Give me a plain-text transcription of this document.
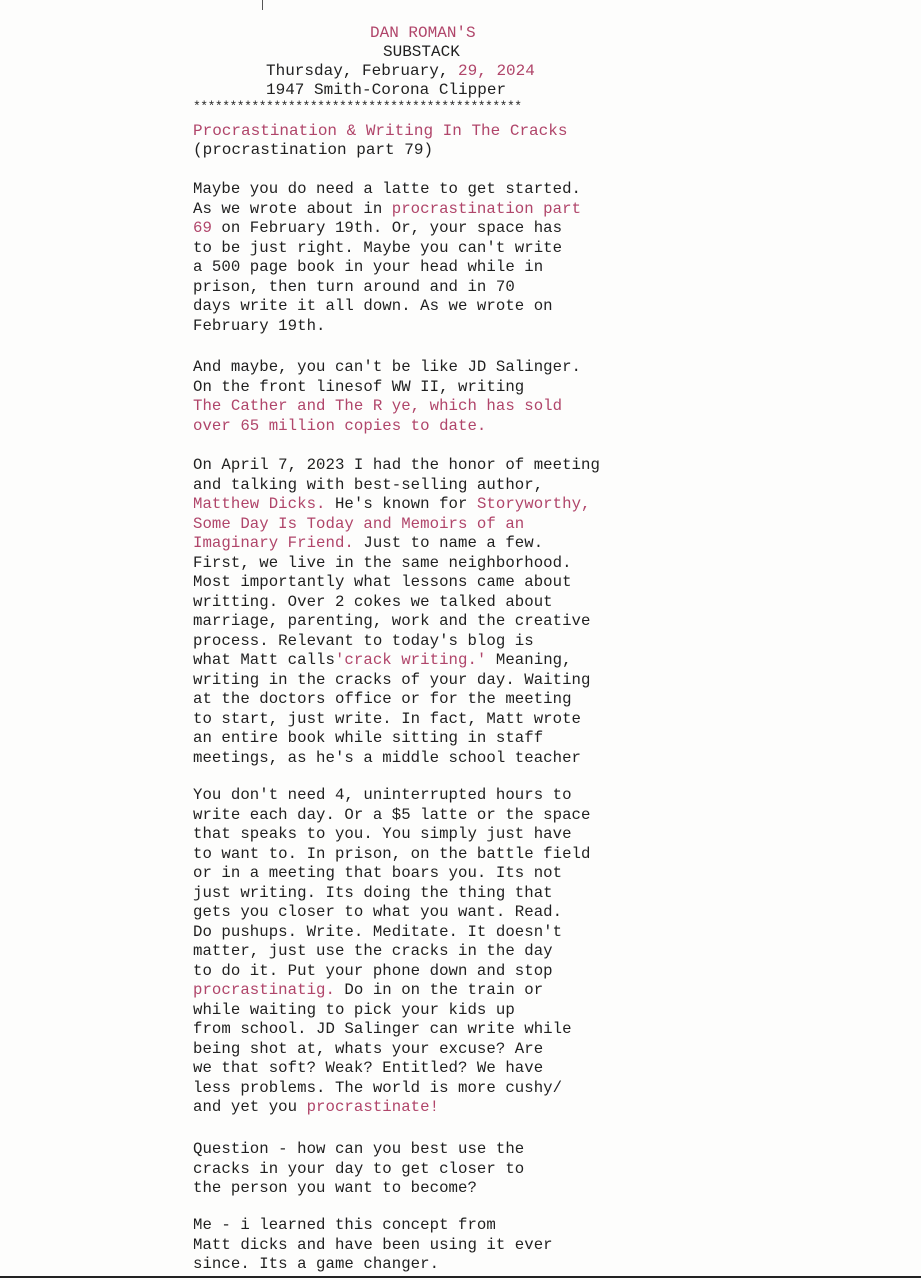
DAN ROMAN'S
SUBSTACK
Thursday, February, 29, 2024
1947 Smith-Corona Clipper
*********************************************
Procrastination & Writing In The Cracks
(procrastination part 79)
Maybe you do need a latte to get started.
As we wrote about in procrastination part
69 on February 19th. Or, your space has
to be just right. Maybe you can't write
a 500 page book in your head while in
prison, then turn around and in 70
days write it all down. As we wrote on
February 19th.
And maybe, you can't be like JD Salinger.
On the front linesof WW II, writing
The Cather and The R ye, which has sold
over 65 million copies to date.
On April 7, 2023 I had the honor of meeting
and talking with best-selling author,
Matthew Dicks. He's known for Storyworthy,
Some Day Is Today and Memoirs of an
Imaginary Friend. Just to name a few.
First, we live in the same neighborhood.
Most importantly what lessons came about
writting. Over 2 cokes we talked about
marriage, parenting, work and the creative
process. Relevant to today's blog is
what Matt calls'crack writing.' Meaning,
writing in the cracks of your day. Waiting
at the doctors office or for the meeting
to start, just write. In fact, Matt wrote
an entire book while sitting in staff
meetings, as he's a middle school teacher
You don't need 4, uninterrupted hours to
write each day. Or a $5 latte or the space
that speaks to you. You simply just have
to want to. In prison, on the battle field
or in a meeting that boars you. Its not
just writing. Its doing the thing that
gets you closer to what you want. Read.
Do pushups. Write. Meditate. It doesn't
matter, just use the cracks in the day
to do it. Put your phone down and stop
procrastinatig. Do in on the train or
while waiting to pick your kids up
from school. JD Salinger can write while
being shot at, whats your excuse? Are
we that soft? Weak? Entitled? We have
less problems. The world is more cushy/
and yet you procrastinate!
Question - how can you best use the
cracks in your day to get closer to
the person you want to become?
Me - i learned this concept from
Matt dicks and have been using it ever
since. Its a game changer.
